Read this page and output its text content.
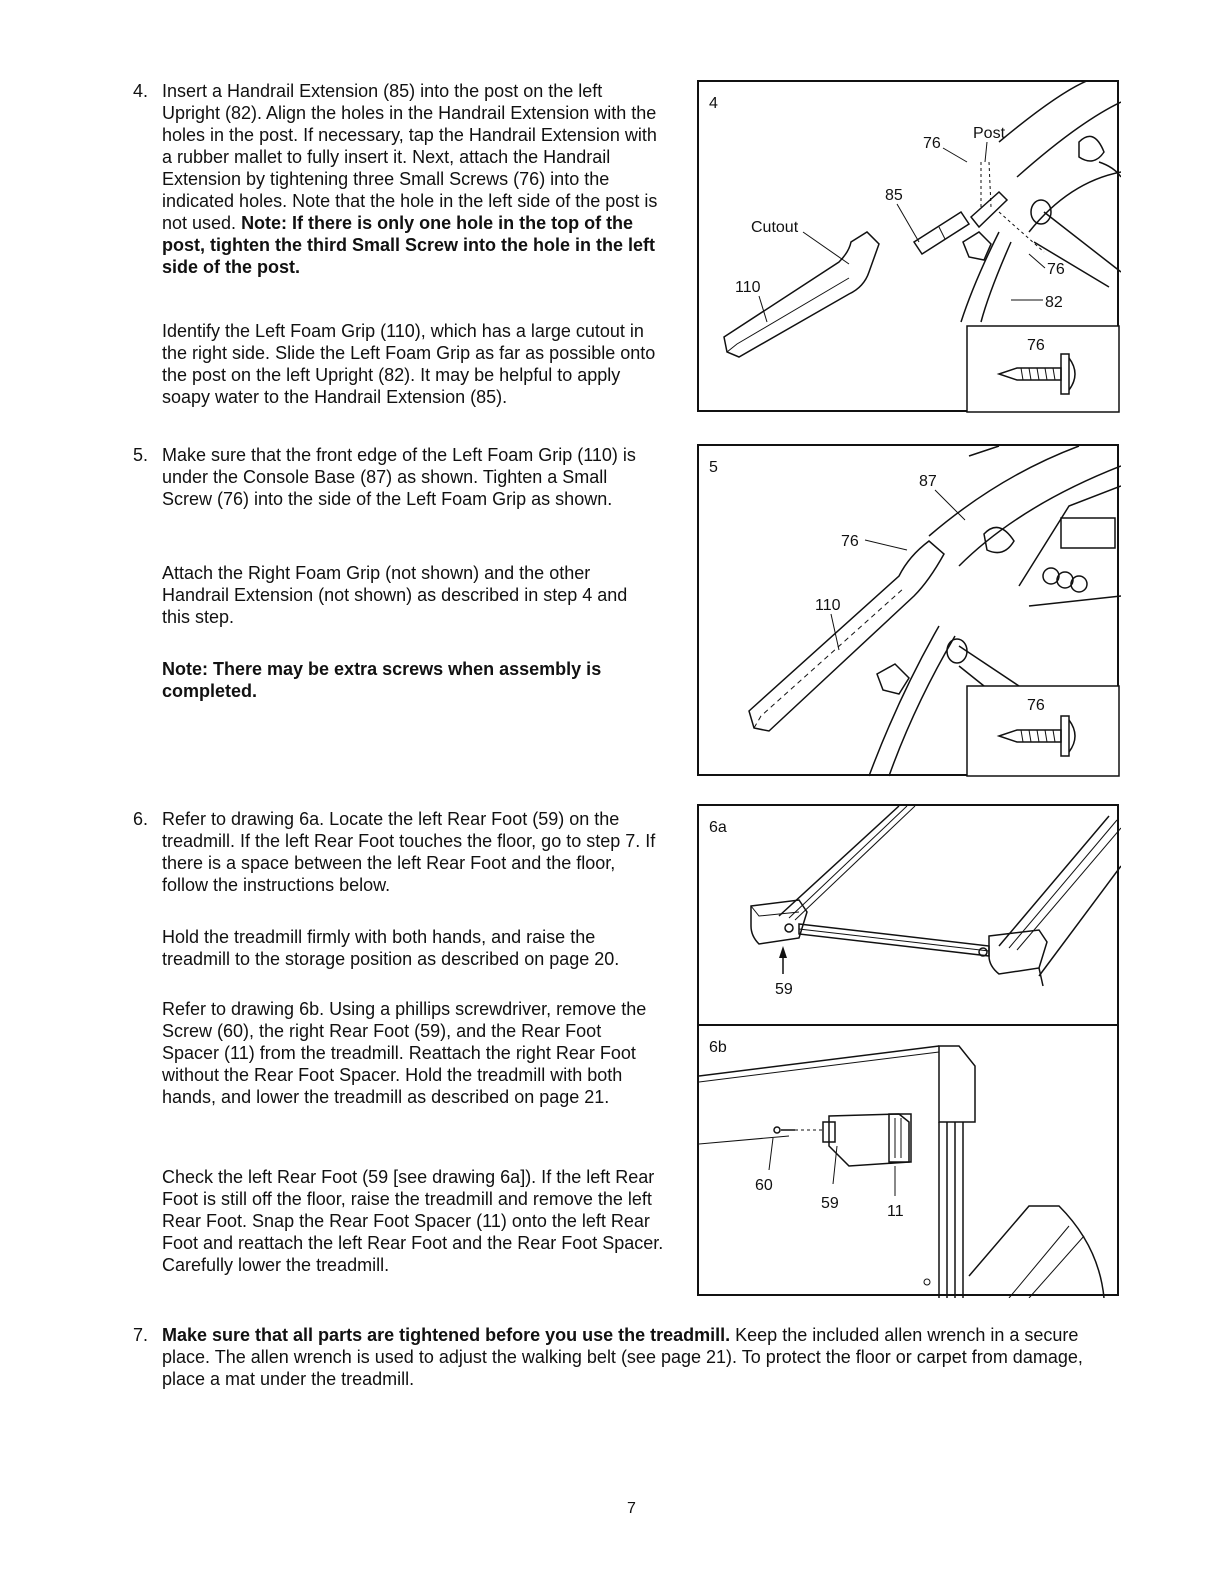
4. Insert a Handrail Extension (85) into the post on the left Upright (82). Align the holes in the Handrail Extension with the holes in the post. If necessary, tap the Handrail Extension with a rubber mallet to fully insert it. Next, attach the Handrail Extension by tightening three Small Screws (76) into the indicated holes. Note that the hole in the left side of the post is not used. Note: If there is only one hole in the top of the post, tighten the third Small Screw into the hole in the left side of the post.

Identify the Left Foam Grip (110), which has a large cutout in the right side. Slide the Left Foam Grip as far as possible onto the post on the left Upright (82). It may be helpful to apply soapy water to the Handrail Extension (85).

5. Make sure that the front edge of the Left Foam Grip (110) is under the Console Base (87) as shown. Tighten a Small Screw (76) into the side of the Left Foam Grip as shown.

Attach the Right Foam Grip (not shown) and the other Handrail Extension (not shown) as described in step 4 and this step.

Note: There may be extra screws when assembly is completed.

6. Refer to drawing 6a. Locate the left Rear Foot (59) on the treadmill. If the left Rear Foot touches the floor, go to step 7. If there is a space between the left Rear Foot and the floor, follow the instructions below.

Hold the treadmill firmly with both hands, and raise the treadmill to the storage position as described on page 20.

Refer to drawing 6b. Using a phillips screwdriver, remove the Screw (60), the right Rear Foot (59), and the Rear Foot Spacer (11) from the treadmill. Reattach the right Rear Foot without the Rear Foot Spacer. Hold the treadmill with both hands, and lower the treadmill as described on page 21.

Check the left Rear Foot (59 [see drawing 6a]). If the left Rear Foot is still off the floor, raise the treadmill and remove the left Rear Foot. Snap the Rear Foot Spacer (11) onto the left Rear Foot and reattach the left Rear Foot and the Rear Foot Spacer. Carefully lower the treadmill.

7. Make sure that all parts are tightened before you use the treadmill. Keep the included allen wrench in a secure place. The allen wrench is used to adjust the walking belt (see page 21). To protect the floor or carpet from damage, place a mat under the treadmill.

4
Post
76
85
Cutout
110
76
82
76
5
87
76
110
76
6a
59
6b
60
59	11
7
